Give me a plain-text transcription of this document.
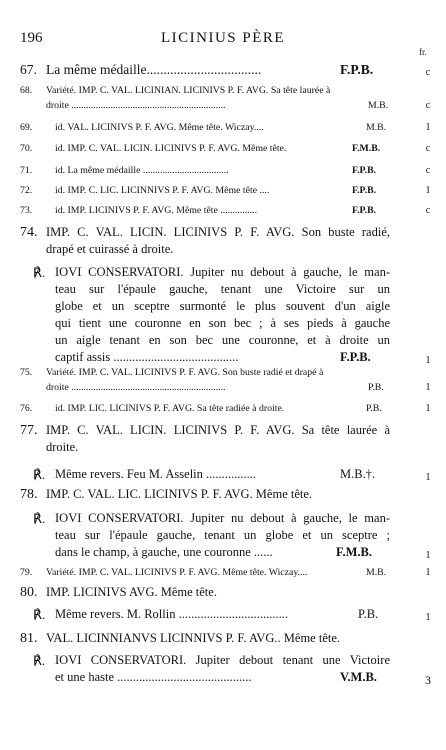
196	LICINIUS PÈRE
fr.
67. La même médaille..................................	F.P.B.	c
68. Variété. IMP. C. VAL. LICINIAN. LICINIVS P. F. AVG. Sa tête laurée à
droite ...............................................................	M.B.	c
69. id. VAL. LICINIVS P. F. AVG. Même tête. Wiczay....	M.B.	1
70. id. IMP. C. VAL. LICIN. LICINIVS P. F. AVG. Même tête.	F.M.B.	c
71. id. La même médaille ...................................	F.P.B.	c
72. id. IMP. C. LIC. LICINNIVS P. F. AVG. Même tête ....	F.P.B.	1
73. id. IMP. LICINIVS P. F. AVG. Même tête ...............	F.P.B.	c
74. IMP. C. VAL. LICIN. LICINIVS P. F. AVG. Son buste radié,
drapé et cuirassé à droite.
℟. IOVI CONSERVATORI. Jupiter nu debout à gauche, le man-
teau sur l'épaule gauche, tenant une Victoire sur un
globe et un sceptre surmonté le plus souvent d'un aigle
qui tient une couronne en son bec ; à ses pieds à gauche
un aigle tenant en son bec une couronne, et à droite un
captif assis ........................................	F.P.B.	1
75. Variété. IMP. C. VAL. LICINIVS P. F. AVG. Son buste radié et drapé à
droite ...............................................................	P.B.	1
76. id. IMP. LIC. LICINIVS P. F. AVG. Sa tête radiée à droite.	P.B.	1
77. IMP. C. VAL. LICIN. LICINIVS P. F. AVG. Sa tête laurée à
droite.
℟. Même revers. Feu M. Asselin ................	M.B.†.	1
78. IMP. C. VAL. LIC. LICINIVS P. F. AVG. Même tête.
℟. IOVI CONSERVATORI. Jupiter nu debout à gauche, le man-
teau sur l'épaule gauche, tenant un globe et un sceptre ;
dans le champ, à gauche, une couronne ......	F.M.B.	1
79. Variété. IMP. C. VAL. LICINIVS P. F. AVG. Même tête. Wiczay....	M.B.	1
80. IMP. LICINIVS AVG. Même tête.
℟. Même revers. M. Rollin ...................................	P.B.	1
81. VAL. LICINNIANVS LICINNIVS P. F. AVG.. Même tête.
℟. IOVI CONSERVATORI. Jupiter debout tenant une Victoire
et une haste ...........................................	V.M.B.	3
